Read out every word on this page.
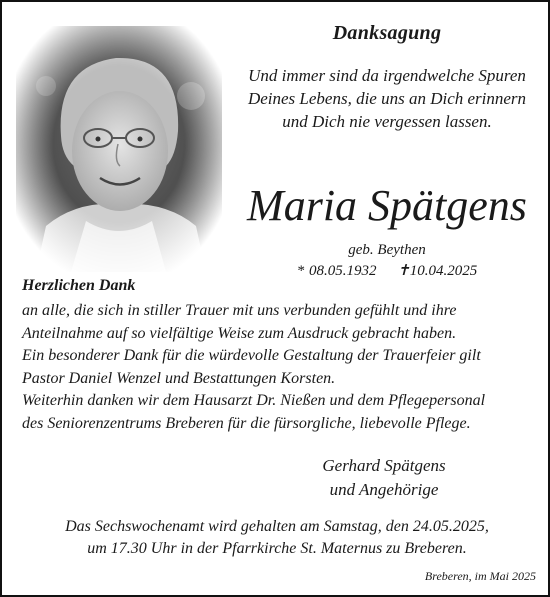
Danksagung
Und immer sind da irgendwelche Spuren
Deines Lebens, die uns an Dich erinnern
und Dich nie vergessen lassen.
Maria Spätgens
geb. Beythen
* 08.05.1932 ✝10.04.2025
Herzlichen Dank
an alle, die sich in stiller Trauer mit uns verbunden gefühlt und ihre
Anteilnahme auf so vielfältige Weise zum Ausdruck gebracht haben.
Ein besonderer Dank für die würdevolle Gestaltung der Trauerfeier gilt
Pastor Daniel Wenzel und Bestattungen Korsten.
Weiterhin danken wir dem Hausarzt Dr. Nießen und dem Pflegepersonal
des Seniorenzentrums Breberen für die fürsorgliche, liebevolle Pflege.
Gerhard Spätgens
und Angehörige
Das Sechswochenamt wird gehalten am Samstag, den 24.05.2025,
um 17.30 Uhr in der Pfarrkirche St. Maternus zu Breberen.
Breberen, im Mai 2025
